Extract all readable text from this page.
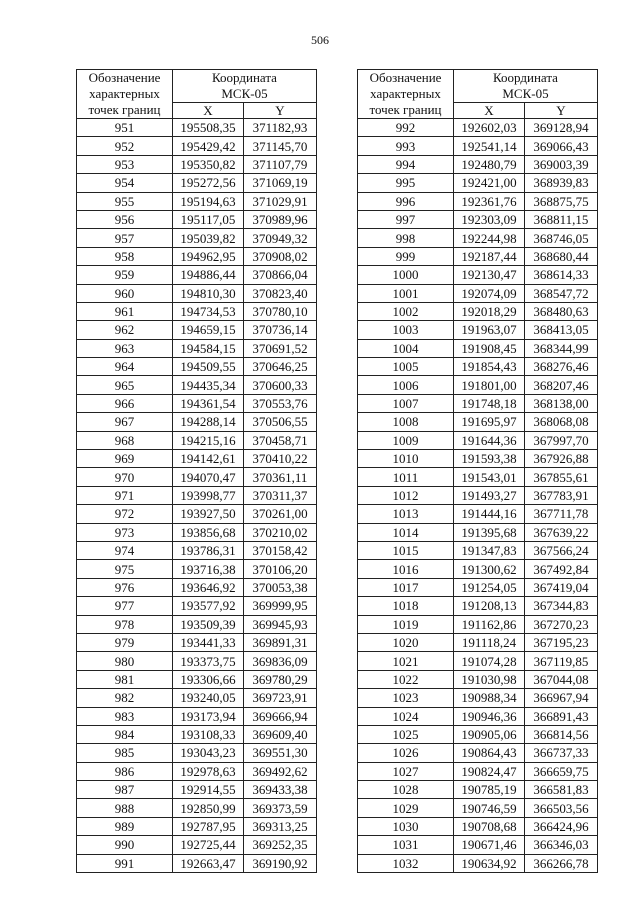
506
Обозначение характерных точек границ	Координата
МСК-05	
	X	Y
951	195508,35	371182,93
952	195429,42	371145,70
953	195350,82	371107,79
954	195272,56	371069,19
955	195194,63	371029,91
956	195117,05	370989,96
957	195039,82	370949,32
958	194962,95	370908,02
959	194886,44	370866,04
960	194810,30	370823,40
961	194734,53	370780,10
962	194659,15	370736,14
963	194584,15	370691,52
964	194509,55	370646,25
965	194435,34	370600,33
966	194361,54	370553,76
967	194288,14	370506,55
968	194215,16	370458,71
969	194142,61	370410,22
970	194070,47	370361,11
971	193998,77	370311,37
972	193927,50	370261,00
973	193856,68	370210,02
974	193786,31	370158,42
975	193716,38	370106,20
976	193646,92	370053,38
977	193577,92	369999,95
978	193509,39	369945,93
979	193441,33	369891,31
980	193373,75	369836,09
981	193306,66	369780,29
982	193240,05	369723,91
983	193173,94	369666,94
984	193108,33	369609,40
985	193043,23	369551,30
986	192978,63	369492,62
987	192914,55	369433,38
988	192850,99	369373,59
989	192787,95	369313,25
990	192725,44	369252,35
991	192663,47	369190,92
Обозначение характерных точек границ	Координата
МСК-05	
	X	Y
992	192602,03	369128,94
993	192541,14	369066,43
994	192480,79	369003,39
995	192421,00	368939,83
996	192361,76	368875,75
997	192303,09	368811,15
998	192244,98	368746,05
999	192187,44	368680,44
1000	192130,47	368614,33
1001	192074,09	368547,72
1002	192018,29	368480,63
1003	191963,07	368413,05
1004	191908,45	368344,99
1005	191854,43	368276,46
1006	191801,00	368207,46
1007	191748,18	368138,00
1008	191695,97	368068,08
1009	191644,36	367997,70
1010	191593,38	367926,88
1011	191543,01	367855,61
1012	191493,27	367783,91
1013	191444,16	367711,78
1014	191395,68	367639,22
1015	191347,83	367566,24
1016	191300,62	367492,84
1017	191254,05	367419,04
1018	191208,13	367344,83
1019	191162,86	367270,23
1020	191118,24	367195,23
1021	191074,28	367119,85
1022	191030,98	367044,08
1023	190988,34	366967,94
1024	190946,36	366891,43
1025	190905,06	366814,56
1026	190864,43	366737,33
1027	190824,47	366659,75
1028	190785,19	366581,83
1029	190746,59	366503,56
1030	190708,68	366424,96
1031	190671,46	366346,03
1032	190634,92	366266,78
